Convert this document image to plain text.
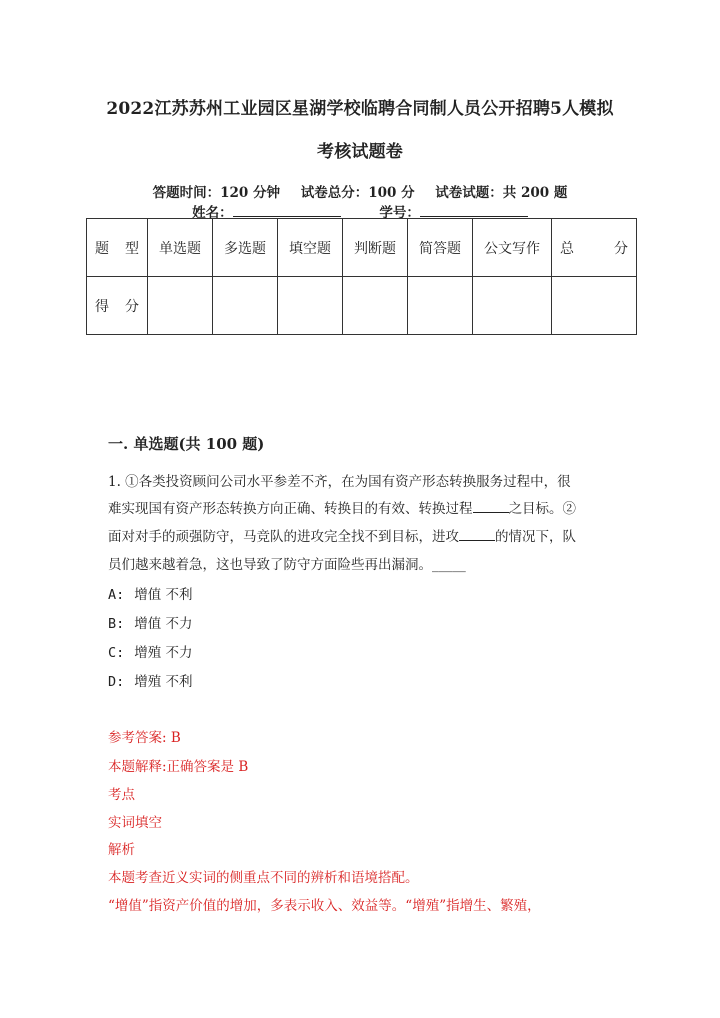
2022江苏苏州工业园区星湖学校临聘合同制人员公开招聘5人模拟
考核试题卷
答题时间：120 分钟 试卷总分：100 分 试卷试题：共 200 题
姓名：	学号：
题 型	单选题	多选题	填空题	判断题	简答题	公文写作	总 分

得 分							

一. 单选题(共 100 题)
1. ①各类投资顾问公司水平参差不齐，在为国有资产形态转换服务过程中，很
难实现国有资产形态转换方向正确、转换目的有效、转换过程	之目标。②
面对对手的顽强防守，马竞队的进攻完全找不到目标，进攻	的情况下，队
员们越来越着急，这也导致了防守方面险些再出漏洞。_____
A: 增值 不利
B: 增值 不力
C: 增殖 不力
D: 增殖 不利
参考答案: B
本题解释:正确答案是 B
考点
实词填空
解析
本题考查近义实词的侧重点不同的辨析和语境搭配。
“增值”指资产价值的增加，多表示收入、效益等。“增殖”指增生、繁殖，
